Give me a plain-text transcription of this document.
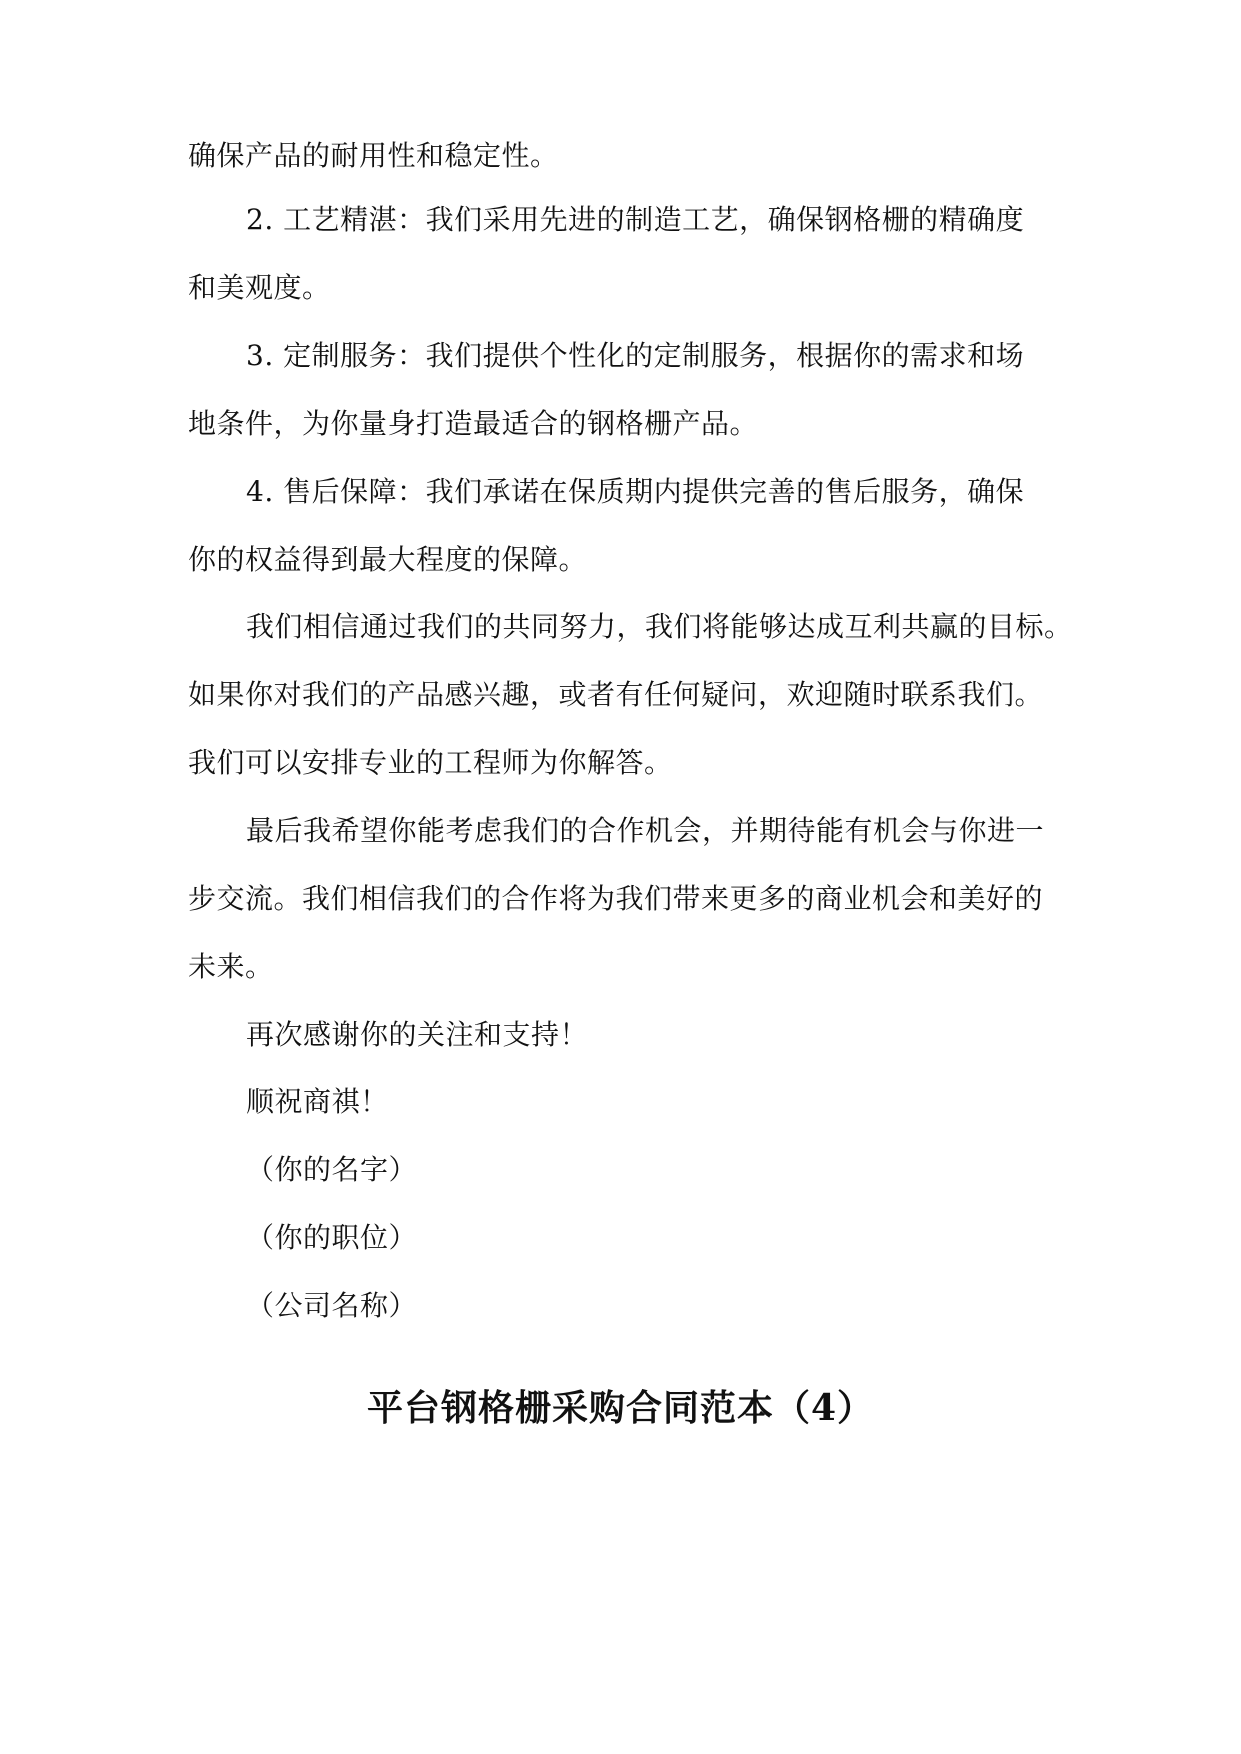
确保产品的耐用性和稳定性。
2. 工艺精湛：我们采用先进的制造工艺，确保钢格栅的精确度
和美观度。
3. 定制服务：我们提供个性化的定制服务，根据你的需求和场
地条件，为你量身打造最适合的钢格栅产品。
4. 售后保障：我们承诺在保质期内提供完善的售后服务，确保
你的权益得到最大程度的保障。
我们相信通过我们的共同努力，我们将能够达成互利共赢的目标。
如果你对我们的产品感兴趣，或者有任何疑问，欢迎随时联系我们。
我们可以安排专业的工程师为你解答。
最后我希望你能考虑我们的合作机会，并期待能有机会与你进一
步交流。我们相信我们的合作将为我们带来更多的商业机会和美好的
未来。
再次感谢你的关注和支持！
顺祝商祺！
（你的名字）
（你的职位）
（公司名称）
平台钢格栅采购合同范本（4）
